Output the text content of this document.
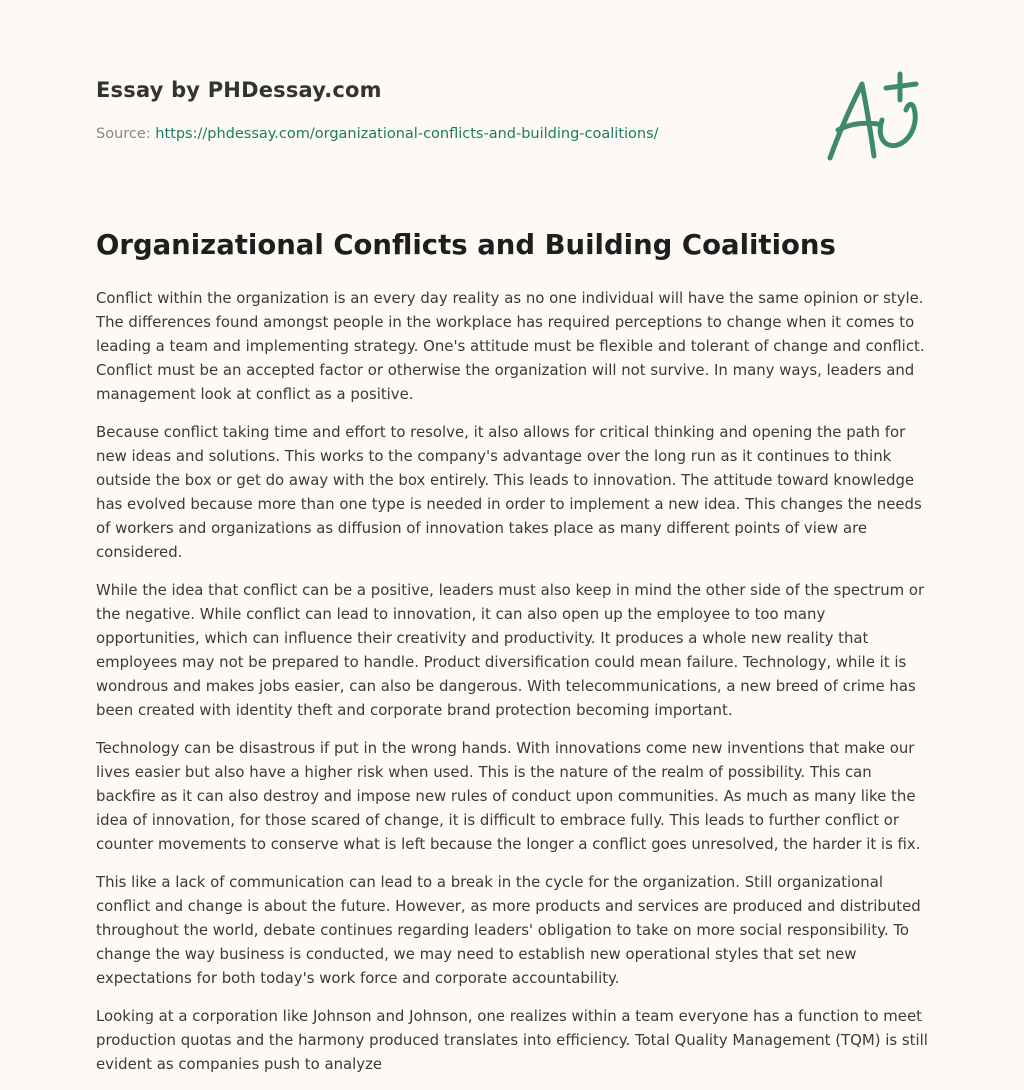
Essay by PHDessay.com
Source: https://phdessay.com/organizational-conflicts-and-building-coalitions/
Organizational Conflicts and Building Coalitions

Conflict within the organization is an every day reality as no one individual will have the same opinion or style. The differences found amongst people in the workplace has required perceptions to change when it comes to leading a team and implementing strategy. One's attitude must be flexible and tolerant of change and conflict. Conflict must be an accepted factor or otherwise the organization will not survive. In many ways, leaders and management look at conflict as a positive.

Because conflict taking time and effort to resolve, it also allows for critical thinking and opening the path for new ideas and solutions. This works to the company's advantage over the long run as it continues to think outside the box or get do away with the box entirely. This leads to innovation. The attitude toward knowledge has evolved because more than one type is needed in order to implement a new idea. This changes the needs of workers and organizations as diffusion of innovation takes place as many different points of view are considered.

While the idea that conflict can be a positive, leaders must also keep in mind the other side of the spectrum or the negative. While conflict can lead to innovation, it can also open up the employee to too many opportunities, which can influence their creativity and productivity. It produces a whole new reality that employees may not be prepared to handle. Product diversification could mean failure. Technology, while it is wondrous and makes jobs easier, can also be dangerous. With telecommunications, a new breed of crime has been created with identity theft and corporate brand protection becoming important.

Technology can be disastrous if put in the wrong hands. With innovations come new inventions that make our lives easier but also have a higher risk when used. This is the nature of the realm of possibility. This can backfire as it can also destroy and impose new rules of conduct upon communities. As much as many like the idea of innovation, for those scared of change, it is difficult to embrace fully. This leads to further conflict or counter movements to conserve what is left because the longer a conflict goes unresolved, the harder it is fix.

This like a lack of communication can lead to a break in the cycle for the organization. Still organizational conflict and change is about the future. However, as more products and services are produced and distributed throughout the world, debate continues regarding leaders' obligation to take on more social responsibility. To change the way business is conducted, we may need to establish new operational styles that set new expectations for both today's work force and corporate accountability.

Looking at a corporation like Johnson and Johnson, one realizes within a team everyone has a function to meet production quotas and the harmony produced translates into efficiency. Total Quality Management (TQM) is still evident as companies push to analyze
